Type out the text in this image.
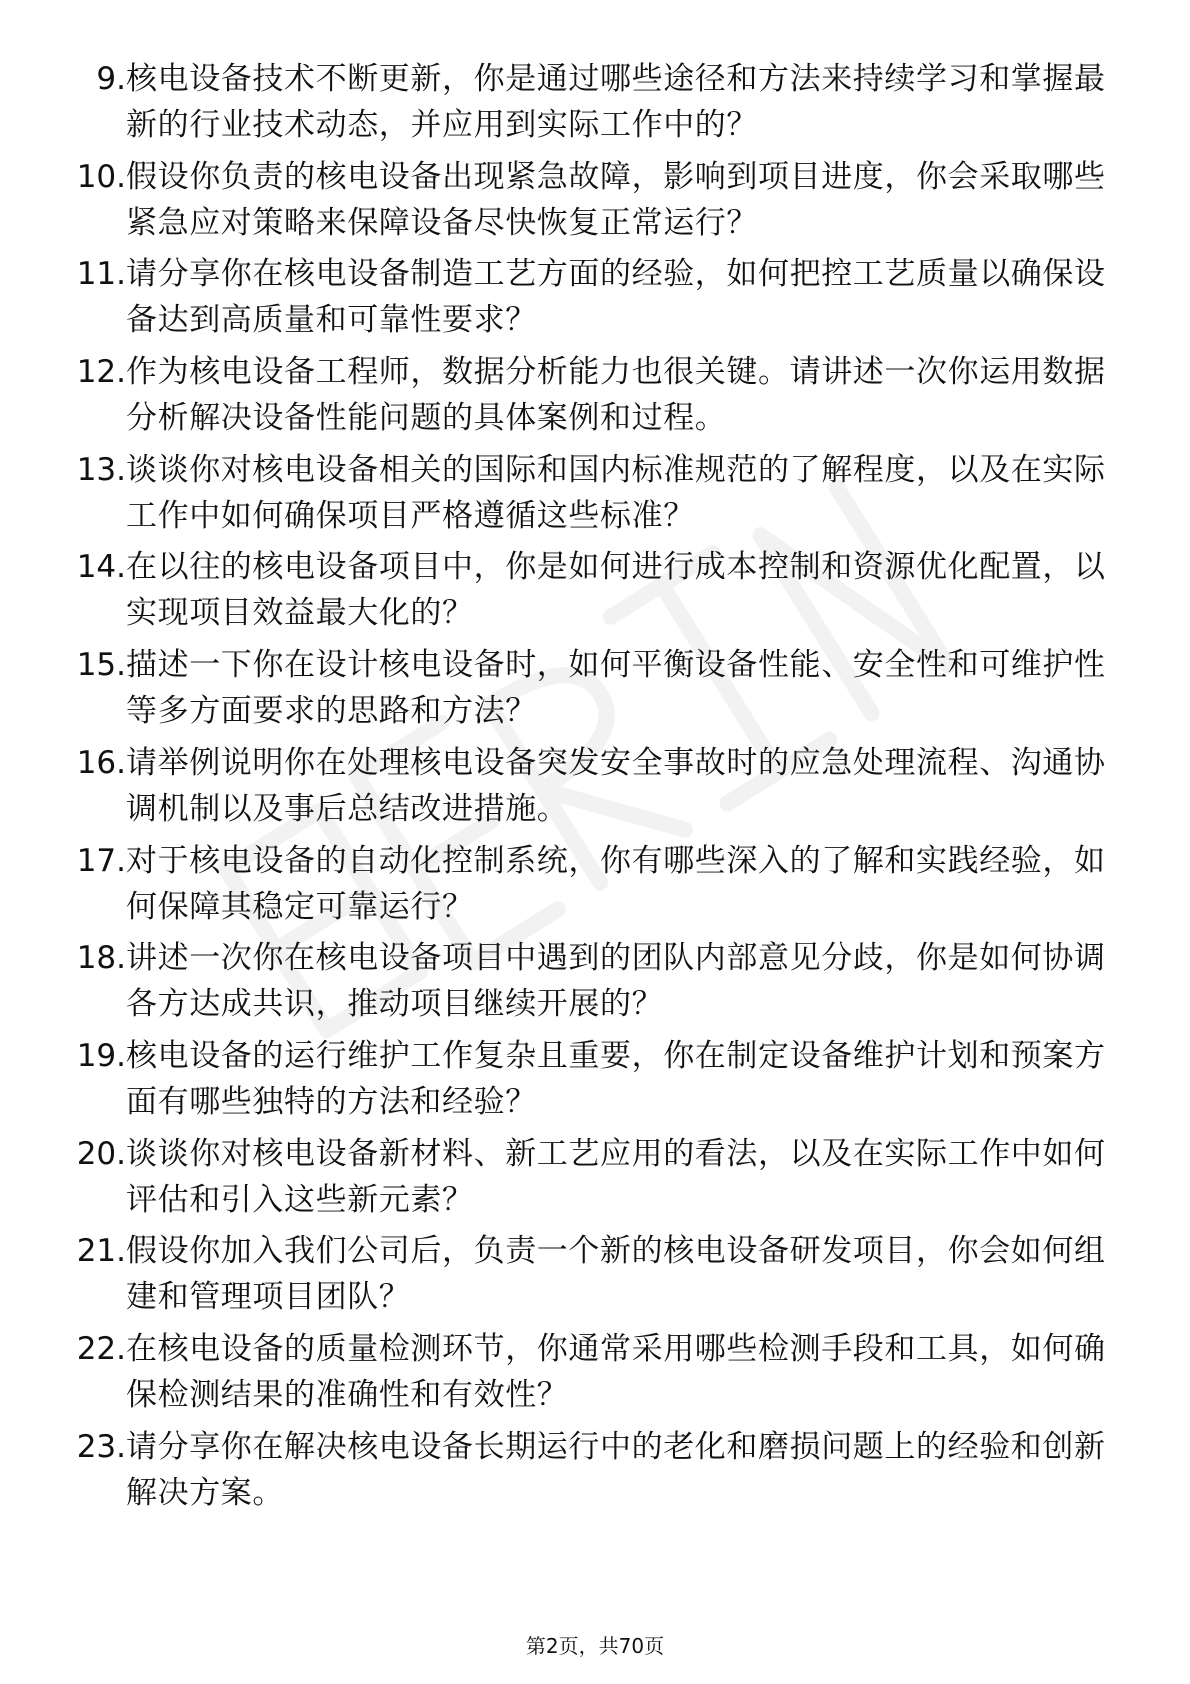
9. 核电设备技术不断更新，你是通过哪些途径和方法来持续学习和掌握最新的行业技术动态，并应用到实际工作中的？
10. 假设你负责的核电设备出现紧急故障，影响到项目进度，你会采取哪些紧急应对策略来保障设备尽快恢复正常运行？
11. 请分享你在核电设备制造工艺方面的经验，如何把控工艺质量以确保设备达到高质量和可靠性要求？
12. 作为核电设备工程师，数据分析能力也很关键。请讲述一次你运用数据分析解决设备性能问题的具体案例和过程。
13. 谈谈你对核电设备相关的国际和国内标准规范的了解程度，以及在实际工作中如何确保项目严格遵循这些标准？
14. 在以往的核电设备项目中，你是如何进行成本控制和资源优化配置，以实现项目效益最大化的？
15. 描述一下你在设计核电设备时，如何平衡设备性能、安全性和可维护性等多方面要求的思路和方法？
16. 请举例说明你在处理核电设备突发安全事故时的应急处理流程、沟通协调机制以及事后总结改进措施。
17. 对于核电设备的自动化控制系统，你有哪些深入的了解和实践经验，如何保障其稳定可靠运行？
18. 讲述一次你在核电设备项目中遇到的团队内部意见分歧，你是如何协调各方达成共识，推动项目继续开展的？
19. 核电设备的运行维护工作复杂且重要，你在制定设备维护计划和预案方面有哪些独特的方法和经验？
20. 谈谈你对核电设备新材料、新工艺应用的看法，以及在实际工作中如何评估和引入这些新元素？
21. 假设你加入我们公司后，负责一个新的核电设备研发项目，你会如何组建和管理项目团队？
22. 在核电设备的质量检测环节，你通常采用哪些检测手段和工具，如何确保检测结果的准确性和有效性？
23. 请分享你在解决核电设备长期运行中的老化和磨损问题上的经验和创新解决方案。
第2页，共70页
